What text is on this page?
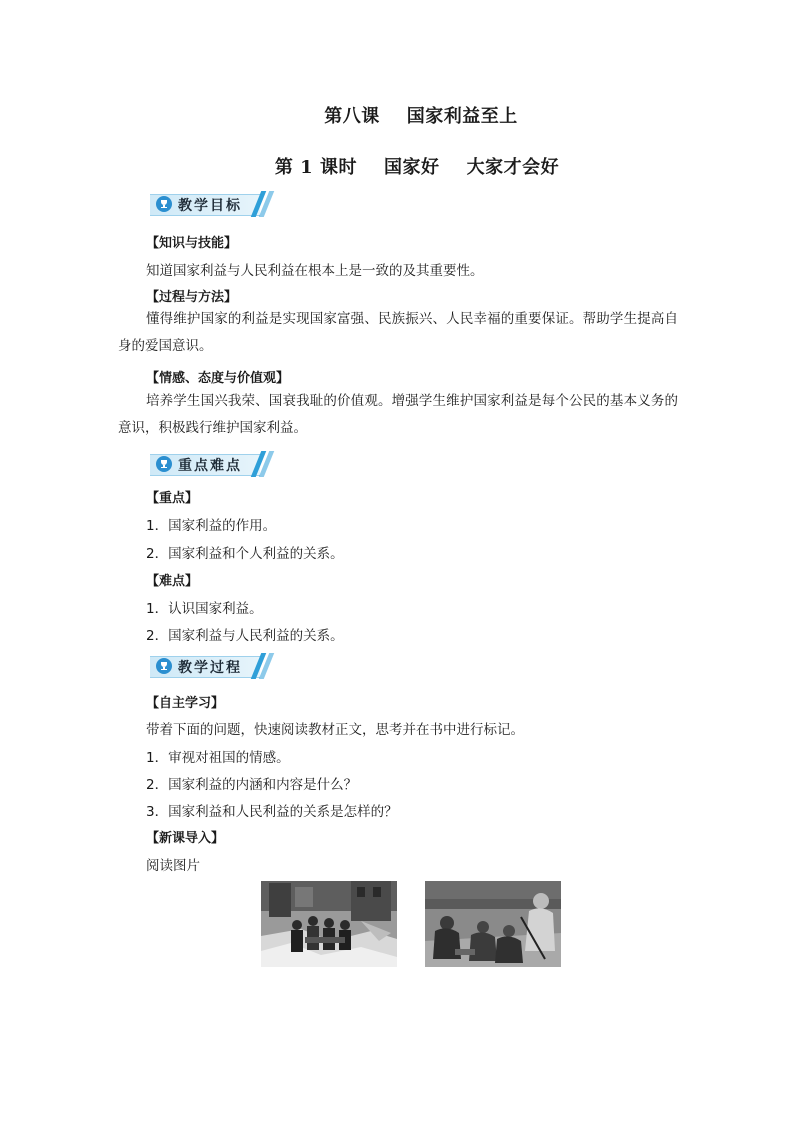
第八课    国家利益至上
第 1 课时    国家好    大家才会好
教学目标
【知识与技能】
知道国家利益与人民利益在根本上是一致的及其重要性。
【过程与方法】
懂得维护国家的利益是实现国家富强、民族振兴、人民幸福的重要保证。帮助学生提高自身的爱国意识。
【情感、态度与价值观】
培养学生国兴我荣、国衰我耻的价值观。增强学生维护国家利益是每个公民的基本义务的意识，积极践行维护国家利益。
重点难点
【重点】
1．国家利益的作用。
2．国家利益和个人利益的关系。
【难点】
1．认识国家利益。
2．国家利益与人民利益的关系。
教学过程
【自主学习】
带着下面的问题，快速阅读教材正文，思考并在书中进行标记。
1．审视对祖国的情感。
2．国家利益的内涵和内容是什么？
3．国家利益和人民利益的关系是怎样的？
【新课导入】
阅读图片
